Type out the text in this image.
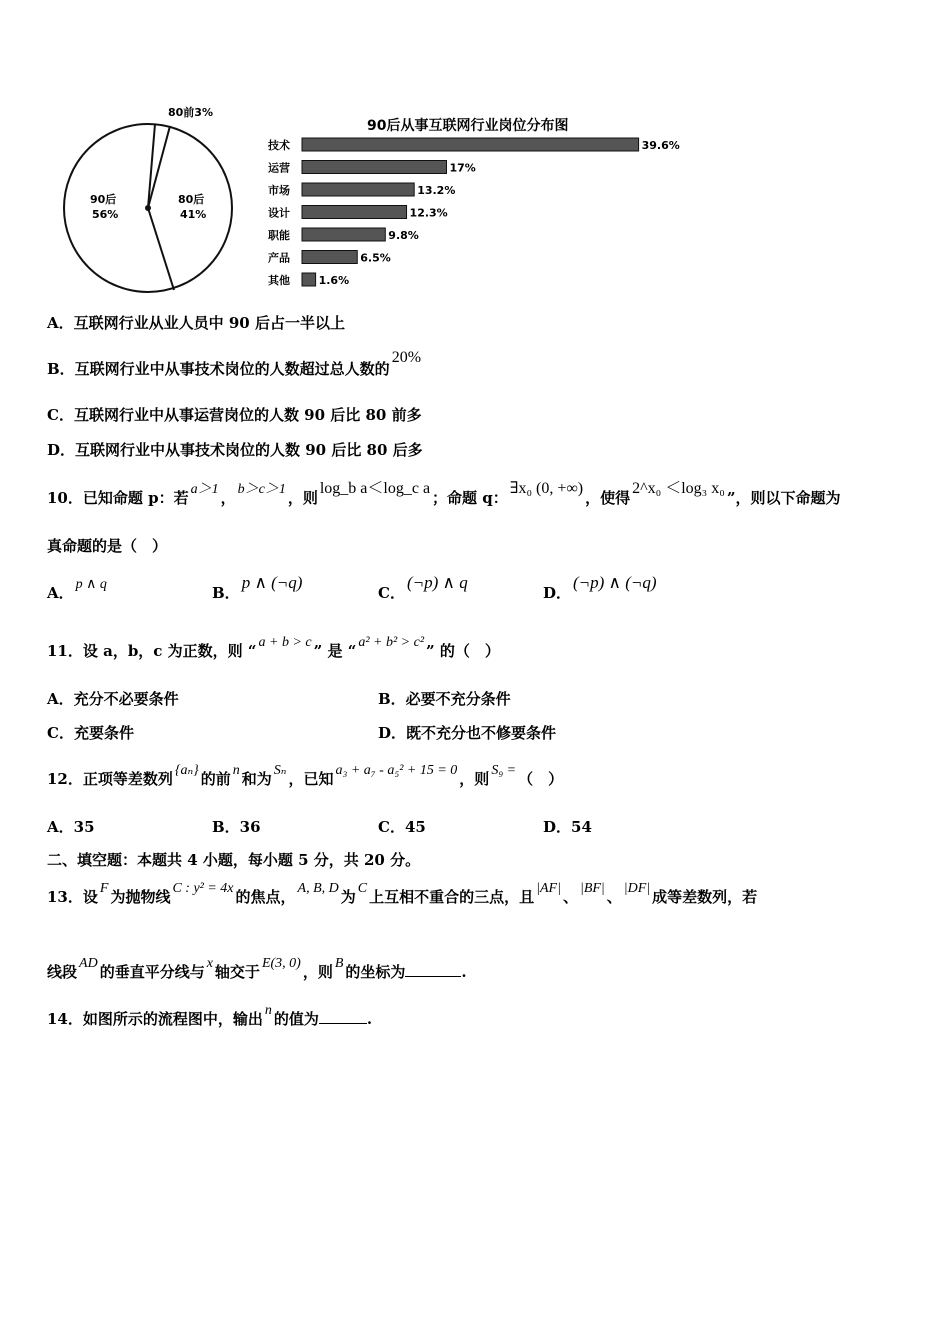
90后
56%
80后
41%
80前3%
90后从事互联网行业岗位分布图
技术	39.6%
运营	17%
市场	13.2%
设计	12.3%
职能	9.8%
产品	6.5%
其他	1.6%
A．互联网行业从业人员中 90 后占一半以上
B．互联网行业中从事技术岗位的人数超过总人数的20%
C．互联网行业中从事运营岗位的人数 90 后比 80 前多
D．互联网行业中从事技术岗位的人数 90 后比 80 后多
10．已知命题 p：若 a＞1 ， b＞c＞1 ，则log_b a＜log_c a；命题 q：∃x₀ (0, +∞)，使得2^x₀ ＜log₃ x₀”，则以下命题为
真命题的是（　）
A． p ∧ q	B．p ∧ (¬q)
C．(¬p) ∧ q
D．(¬p) ∧ (¬q)
11．设 a，b，c 为正数，则 “ a + b > c ” 是 “ a² + b² > c² ” 的（　）
A．充分不必要条件	B．必要不充分条件
C．充要条件	D．既不充分也不修要条件
12．正项等差数列 {aₙ} 的前 n 和为 Sₙ ，已知 a₃ + a₇ - a₅² + 15 = 0 ，则 S₉ = （　）
A．35	B．36	C．45	D．54
二、填空题：本题共 4 小题，每小题 5 分，共 20 分。
13．设 F 为抛物线 C : y² = 4x 的焦点， A, B, D 为 C 上互相不重合的三点，且 |AF| 、 |BF| 、 |DF| 成等差数列，若
线段 AD 的垂直平分线与 x 轴交于 E(3, 0) ，则 B 的坐标为	.
14．如图所示的流程图中，输出 n 的值为	.
